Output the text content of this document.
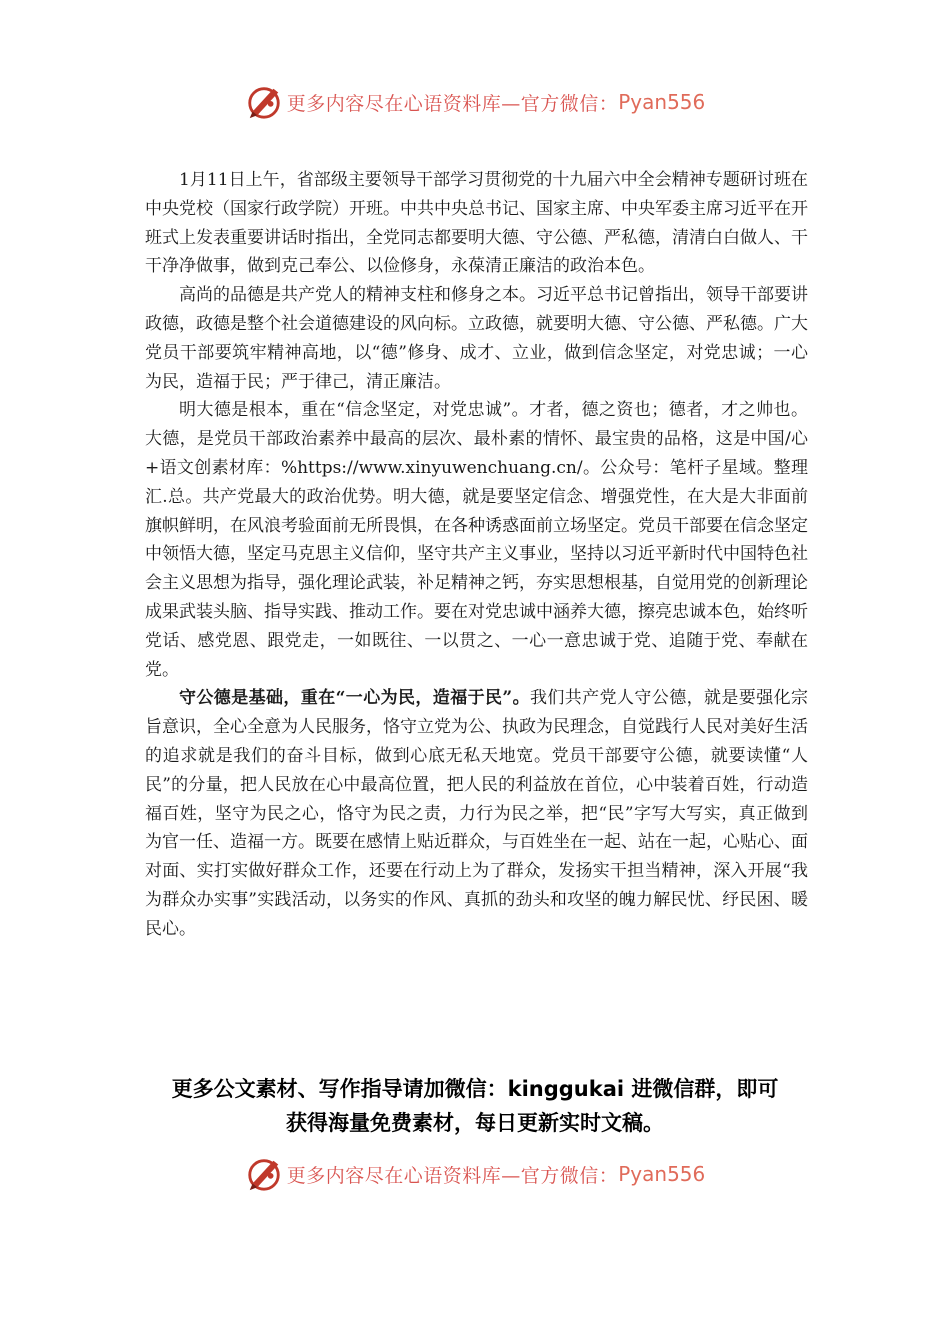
更多内容尽在心语资料库—官方微信： Pyan556

1月11日上午，省部级主要领导干部学习贯彻党的十九届六中全会精神专题研讨班在中央党校（国家行政学院）开班。中共中央总书记、国家主席、中央军委主席习近平在开班式上发表重要讲话时指出，全党同志都要明大德、守公德、严私德，清清白白做人、干干净净做事，做到克己奉公、以俭修身，永葆清正廉洁的政治本色。

高尚的品德是共产党人的精神支柱和修身之本。习近平总书记曾指出，领导干部要讲政德，政德是整个社会道德建设的风向标。立政德，就要明大德、守公德、严私德。广大党员干部要筑牢精神高地，以“德”修身、成才、立业，做到信念坚定，对党忠诚；一心为民，造福于民；严于律己，清正廉洁。

明大德是根本，重在“信念坚定，对党忠诚”。才者，德之资也；德者，才之帅也。大德，是党员干部政治素养中最高的层次、最朴素的情怀、最宝贵的品格，这是中国/心+语文创素材库：%https://www.xinyuwenchuang.cn/。公众号：笔杆子星域。整理汇.总。共产党最大的政治优势。明大德，就是要坚定信念、增强党性，在大是大非面前旗帜鲜明，在风浪考验面前无所畏惧，在各种诱惑面前立场坚定。党员干部要在信念坚定中领悟大德，坚定马克思主义信仰，坚守共产主义事业，坚持以习近平新时代中国特色社会主义思想为指导，强化理论武装，补足精神之钙，夯实思想根基，自觉用党的创新理论成果武装头脑、指导实践、推动工作。要在对党忠诚中涵养大德，擦亮忠诚本色，始终听党话、感党恩、跟党走，一如既往、一以贯之、一心一意忠诚于党、追随于党、奉献在党。

守公德是基础，重在“一心为民，造福于民”。我们共产党人守公德，就是要强化宗旨意识，全心全意为人民服务，恪守立党为公、执政为民理念，自觉践行人民对美好生活的追求就是我们的奋斗目标，做到心底无私天地宽。党员干部要守公德，就要读懂“人民”的分量，把人民放在心中最高位置，把人民的利益放在首位，心中装着百姓，行动造福百姓，坚守为民之心，恪守为民之责，力行为民之举，把“民”字写大写实，真正做到为官一任、造福一方。既要在感情上贴近群众，与百姓坐在一起、站在一起，心贴心、面对面、实打实做好群众工作，还要在行动上为了群众，发扬实干担当精神，深入开展“我为群众办实事”实践活动，以务实的作风、真抓的劲头和攻坚的魄力解民忧、纾民困、暖民心。

更多公文素材、写作指导请加微信：kinggukai 进微信群，即可
获得海量免费素材，每日更新实时文稿。
更多内容尽在心语资料库—官方微信： Pyan556
